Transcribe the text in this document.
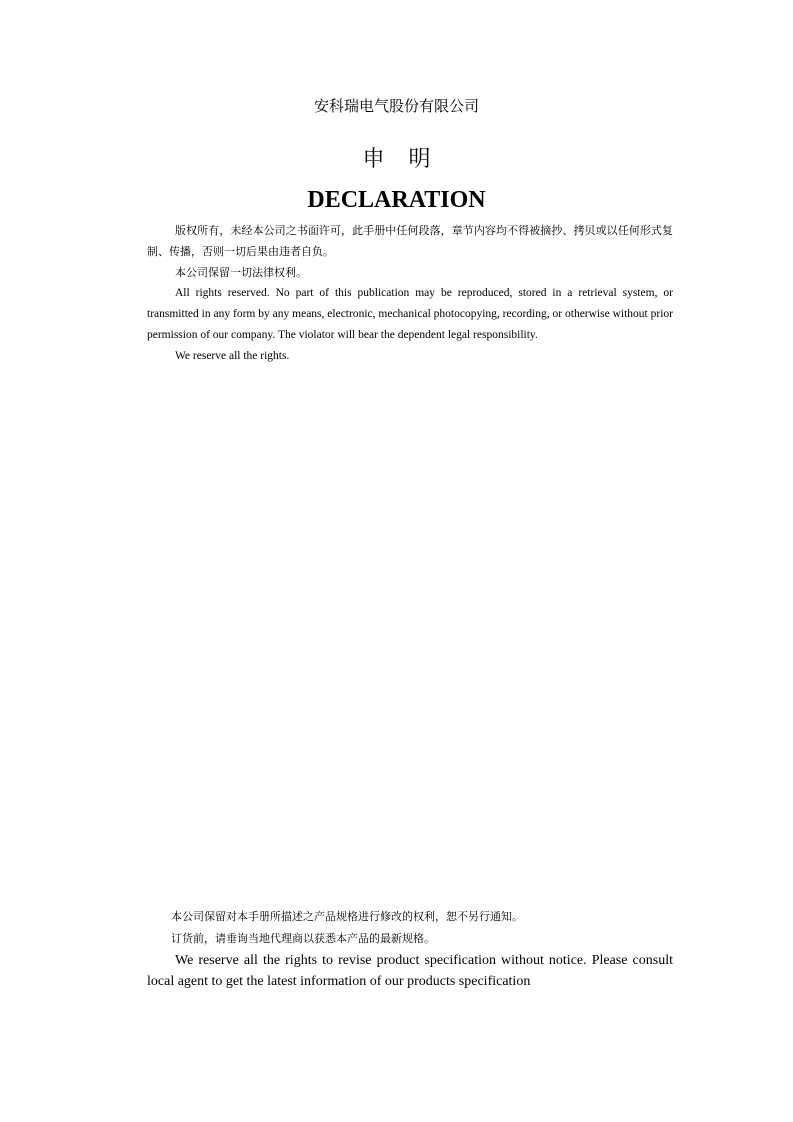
安科瑞电气股份有限公司
申明
DECLARATION

版权所有，未经本公司之书面许可，此手册中任何段落，章节内容均不得被摘抄、拷贝或以任何形式复制、传播，否则一切后果由违者自负。

本公司保留一切法律权利。

All rights reserved. No part of this publication may be reproduced, stored in a retrieval system, or transmitted in any form by any means, electronic, mechanical photocopying, recording, or otherwise without prior permission of our company. The violator will bear the dependent legal responsibility.

We reserve all the rights.

本公司保留对本手册所描述之产品规格进行修改的权利，恕不另行通知。

订货前，请垂询当地代理商以获悉本产品的最新规格。

We reserve all the rights to revise product specification without notice. Please consult local agent to get the latest information of our products specification
